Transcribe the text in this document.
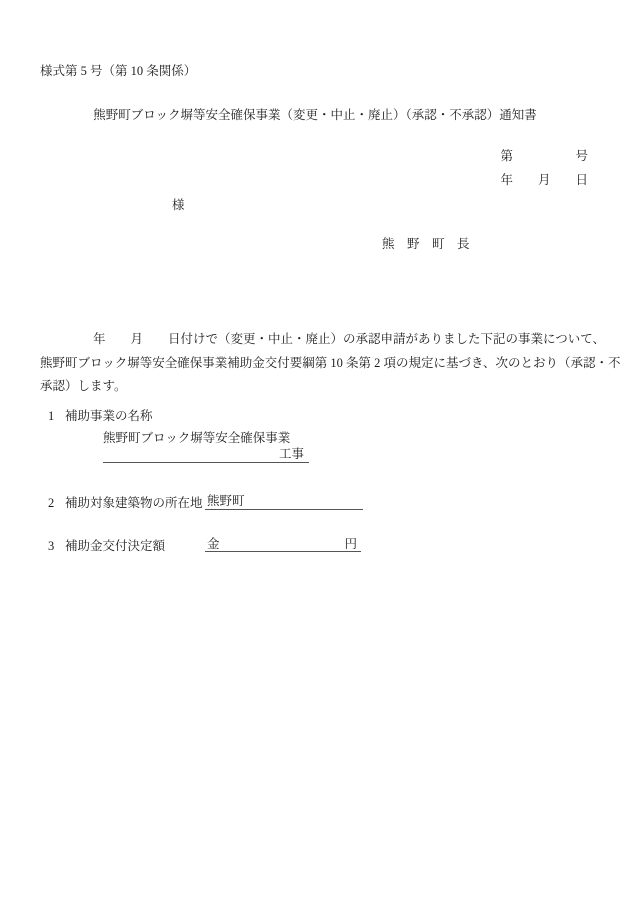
様式第 5 号（第 10 条関係）
熊野町ブロック塀等安全確保事業（変更・中止・廃止）（承認・不承認）通知書
第　　　　　号
年　　月　　日
様
熊　野　町　長
年　　月　　日付けで（変更・中止・廃止）の承認申請がありました下記の事業について、
熊野町ブロック塀等安全確保事業補助金交付要綱第 10 条第 2 項の規定に基づき、次のとおり（承認・不
承認）します。
1 補助事業の名称
熊野町ブロック塀等安全確保事業
工事
2 補助対象建築物の所在地 熊野町
3 補助金交付決定額	金	円
